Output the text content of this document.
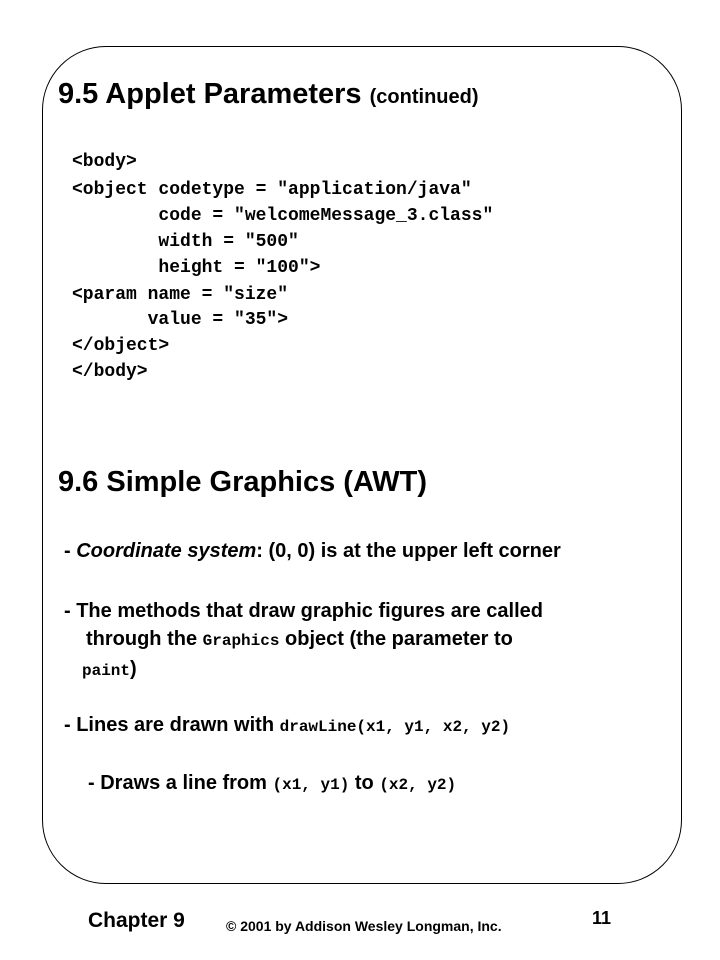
9.5 Applet Parameters (continued)
<body>
<object codetype = "application/java"
code = "welcomeMessage_3.class"
width = "500"
height = "100">
<param name = "size"
value = "35">
</object>
</body>
9.6 Simple Graphics (AWT)
- Coordinate system: (0, 0) is at the upper left corner
- The methods that draw graphic figures are called
through the Graphics object (the parameter to
paint)
- Lines are drawn with drawLine(x1, y1, x2, y2)
- Draws a line from (x1, y1) to (x2, y2)
Chapter 9	© 2001 by Addison Wesley Longman, Inc.	11
